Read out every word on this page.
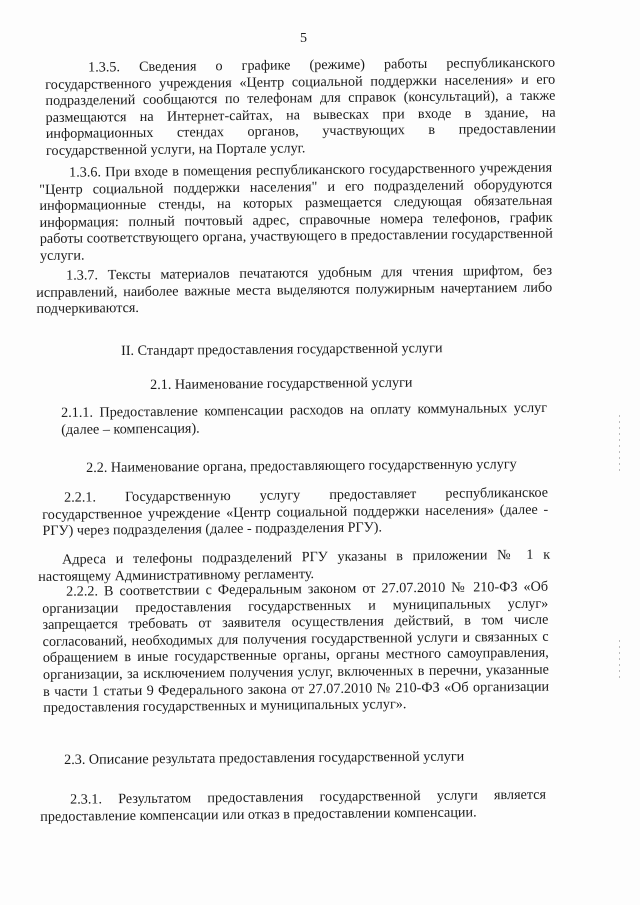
5

1.3.5. Сведения о графике (режиме) работы республиканского государственного учреждения «Центр социальной поддержки населения» и его подразделений сообщаются по телефонам для справок (консультаций), а также размещаются на Интернет-сайтах, на вывесках при входе в здание, на информационных стендах органов, участвующих в предоставлении государственной услуги, на Портале услуг.

1.3.6. При входе в помещения республиканского государственного учреждения "Центр социальной поддержки населения" и его подразделений оборудуются информационные стенды, на которых размещается следующая обязательная информация: полный почтовый адрес, справочные номера телефонов, график работы соответствующего органа, участвующего в предоставлении государственной услуги.

1.3.7. Тексты материалов печатаются удобным для чтения шрифтом, без исправлений, наиболее важные места выделяются полужирным начертанием либо подчеркиваются.

II. Стандарт предоставления государственной услуги
2.1. Наименование государственной услуги

2.1.1. Предоставление компенсации расходов на оплату коммунальных услуг (далее – компенсация).

2.2. Наименование органа, предоставляющего государственную услугу

2.2.1. Государственную услугу предоставляет республиканское государственное учреждение «Центр социальной поддержки населения» (далее - РГУ) через подразделения (далее - подразделения РГУ).

Адреса и телефоны подразделений РГУ указаны в приложении № 1 к настоящему Административному регламенту.

2.2.2. В соответствии с Федеральным законом от 27.07.2010 № 210-ФЗ «Об организации предоставления государственных и муниципальных услуг» запрещается требовать от заявителя осуществления действий, в том числе согласований, необходимых для получения государственной услуги и связанных с обращением в иные государственные органы, органы местного самоуправления, организации, за исключением получения услуг, включенных в перечни, указанные в части 1 статьи 9 Федерального закона от 27.07.2010 № 210-ФЗ «Об организации предоставления государственных и муниципальных услуг».

2.3. Описание результата предоставления государственной услуги

2.3.1. Результатом предоставления государственной услуги является предоставление компенсации или отказ в предоставлении компенсации.
